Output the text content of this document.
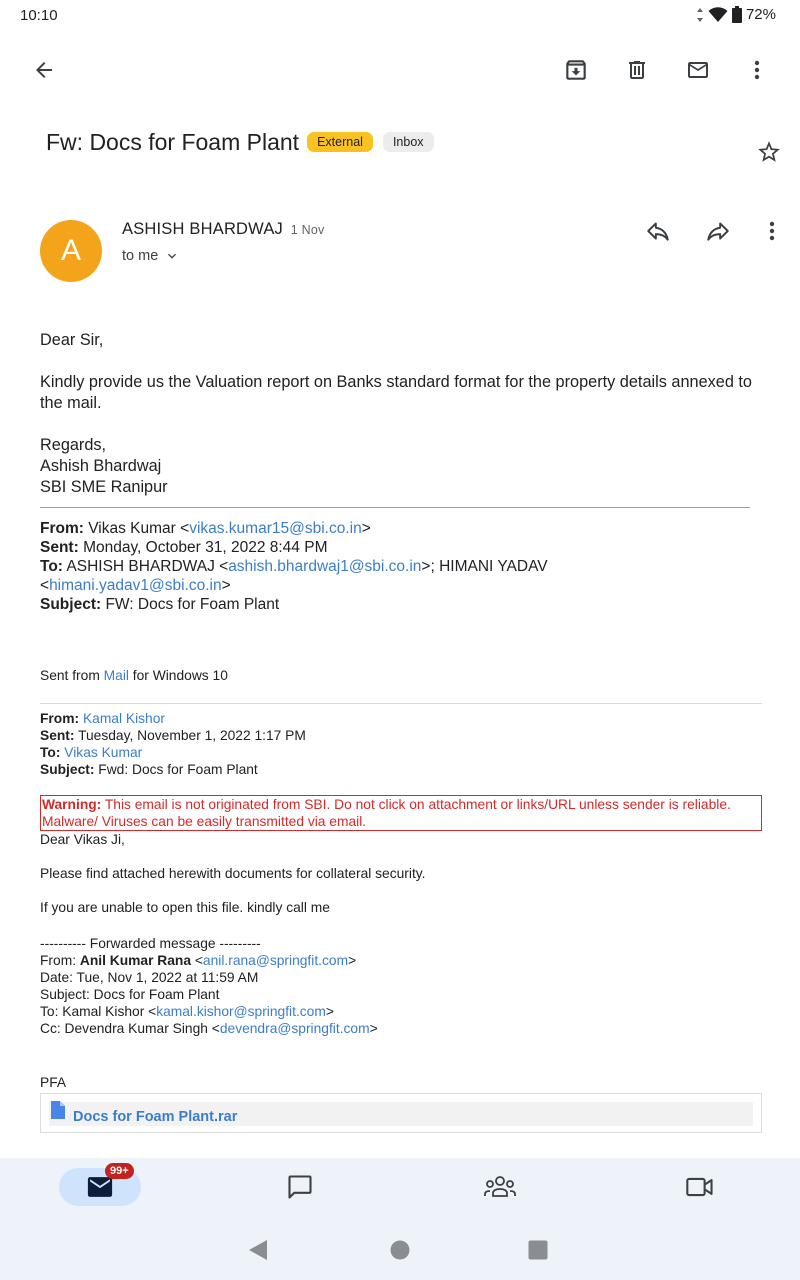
10:10	72%
Fw: Docs for Foam Plant	External	Inbox
A
ASHISH BHARDWAJ 1 Nov
to me
Dear Sir,
Kindly provide us the Valuation report on Banks standard format for the property details annexed to the mail.
Regards,
Ashish Bhardwaj
SBI SME Ranipur
From: Vikas Kumar <vikas.kumar15@sbi.co.in>
Sent: Monday, October 31, 2022 8:44 PM
To: ASHISH BHARDWAJ <ashish.bhardwaj1@sbi.co.in>; HIMANI YADAV
<himani.yadav1@sbi.co.in>
Subject: FW: Docs for Foam Plant
Sent from Mail for Windows 10
From: Kamal Kishor
Sent: Tuesday, November 1, 2022 1:17 PM
To: Vikas Kumar
Subject: Fwd: Docs for Foam Plant
Warning: This email is not originated from SBI. Do not click on attachment or links/URL unless sender is reliable. Malware/ Viruses can be easily transmitted via email.
Dear Vikas Ji,
Please find attached herewith documents for collateral security.
If you are unable to open this file. kindly call me
---------- Forwarded message ---------
From: Anil Kumar Rana <anil.rana@springfit.com>
Date: Tue, Nov 1, 2022 at 11:59 AM
Subject: Docs for Foam Plant
To: Kamal Kishor <kamal.kishor@springfit.com>
Cc: Devendra Kumar Singh <devendra@springfit.com>
PFA
Docs for Foam Plant.rar
99+
